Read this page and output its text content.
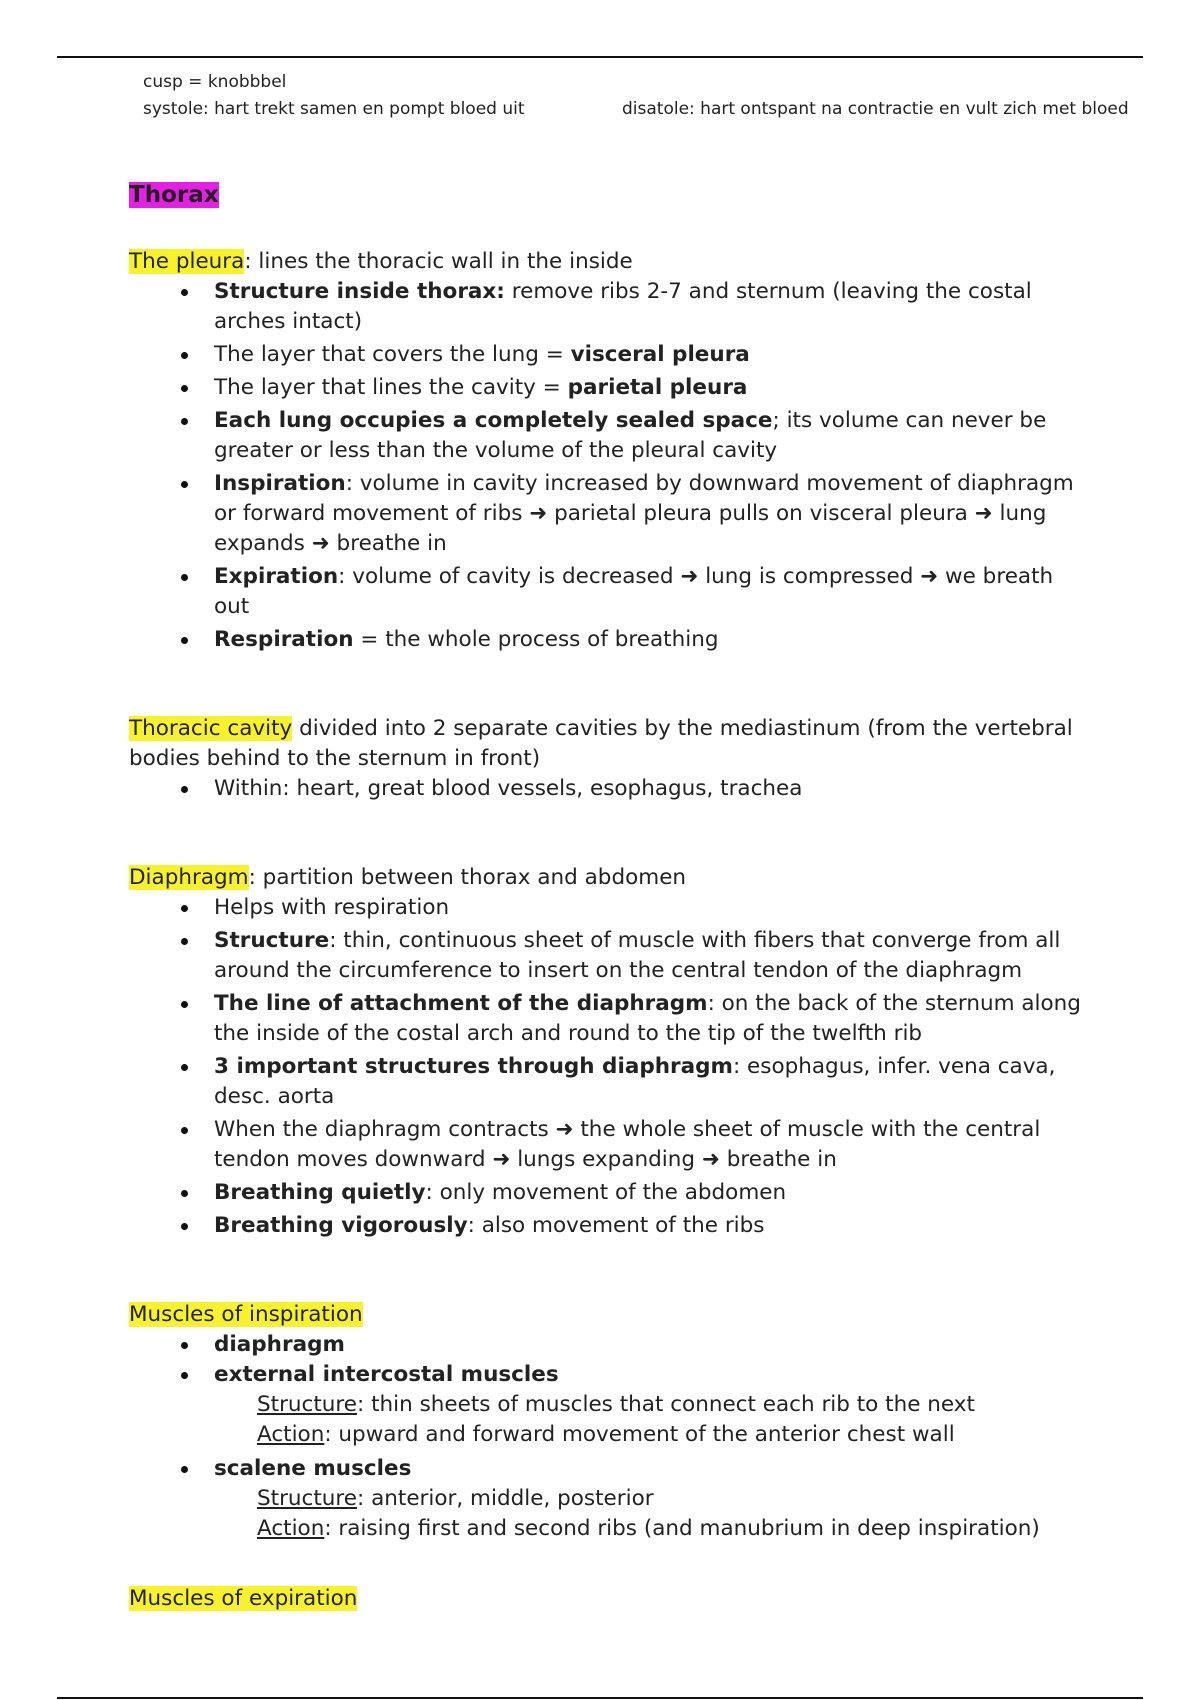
cusp = knobbbel
systole: hart trekt samen en pompt bloed uit	disatole: hart ontspant na contractie en vult zich met bloed

Thorax

The pleura: lines the thoracic wall in the inside

Structure inside thorax: remove ribs 2-7 and sternum (leaving the costal arches intact)
The layer that covers the lung = visceral pleura
The layer that lines the cavity = parietal pleura
Each lung occupies a completely sealed space; its volume can never be greater or less than the volume of the pleural cavity
Inspiration: volume in cavity increased by downward movement of diaphragm or forward movement of ribs ➜ parietal pleura pulls on visceral pleura ➜ lung expands ➜ breathe in
Expiration: volume of cavity is decreased ➜ lung is compressed ➜ we breath out
Respiration = the whole process of breathing

Thoracic cavity divided into 2 separate cavities by the mediastinum (from the vertebral bodies behind to the sternum in front)

Within: heart, great blood vessels, esophagus, trachea

Diaphragm: partition between thorax and abdomen

Helps with respiration
Structure: thin, continuous sheet of muscle with fibers that converge from all around the circumference to insert on the central tendon of the diaphragm
The line of attachment of the diaphragm: on the back of the sternum along the inside of the costal arch and round to the tip of the twelfth rib
3 important structures through diaphragm: esophagus, infer. vena cava, desc. aorta
When the diaphragm contracts ➜ the whole sheet of muscle with the central tendon moves downward ➜ lungs expanding ➜ breathe in
Breathing quietly: only movement of the abdomen
Breathing vigorously: also movement of the ribs

Muscles of inspiration

diaphragm
external intercostal muscles

Structure: thin sheets of muscles that connect each rib to the next

Action: upward and forward movement of the anterior chest wall

scalene muscles

Structure: anterior, middle, posterior

Action: raising first and second ribs (and manubrium in deep inspiration)

Muscles of expiration
